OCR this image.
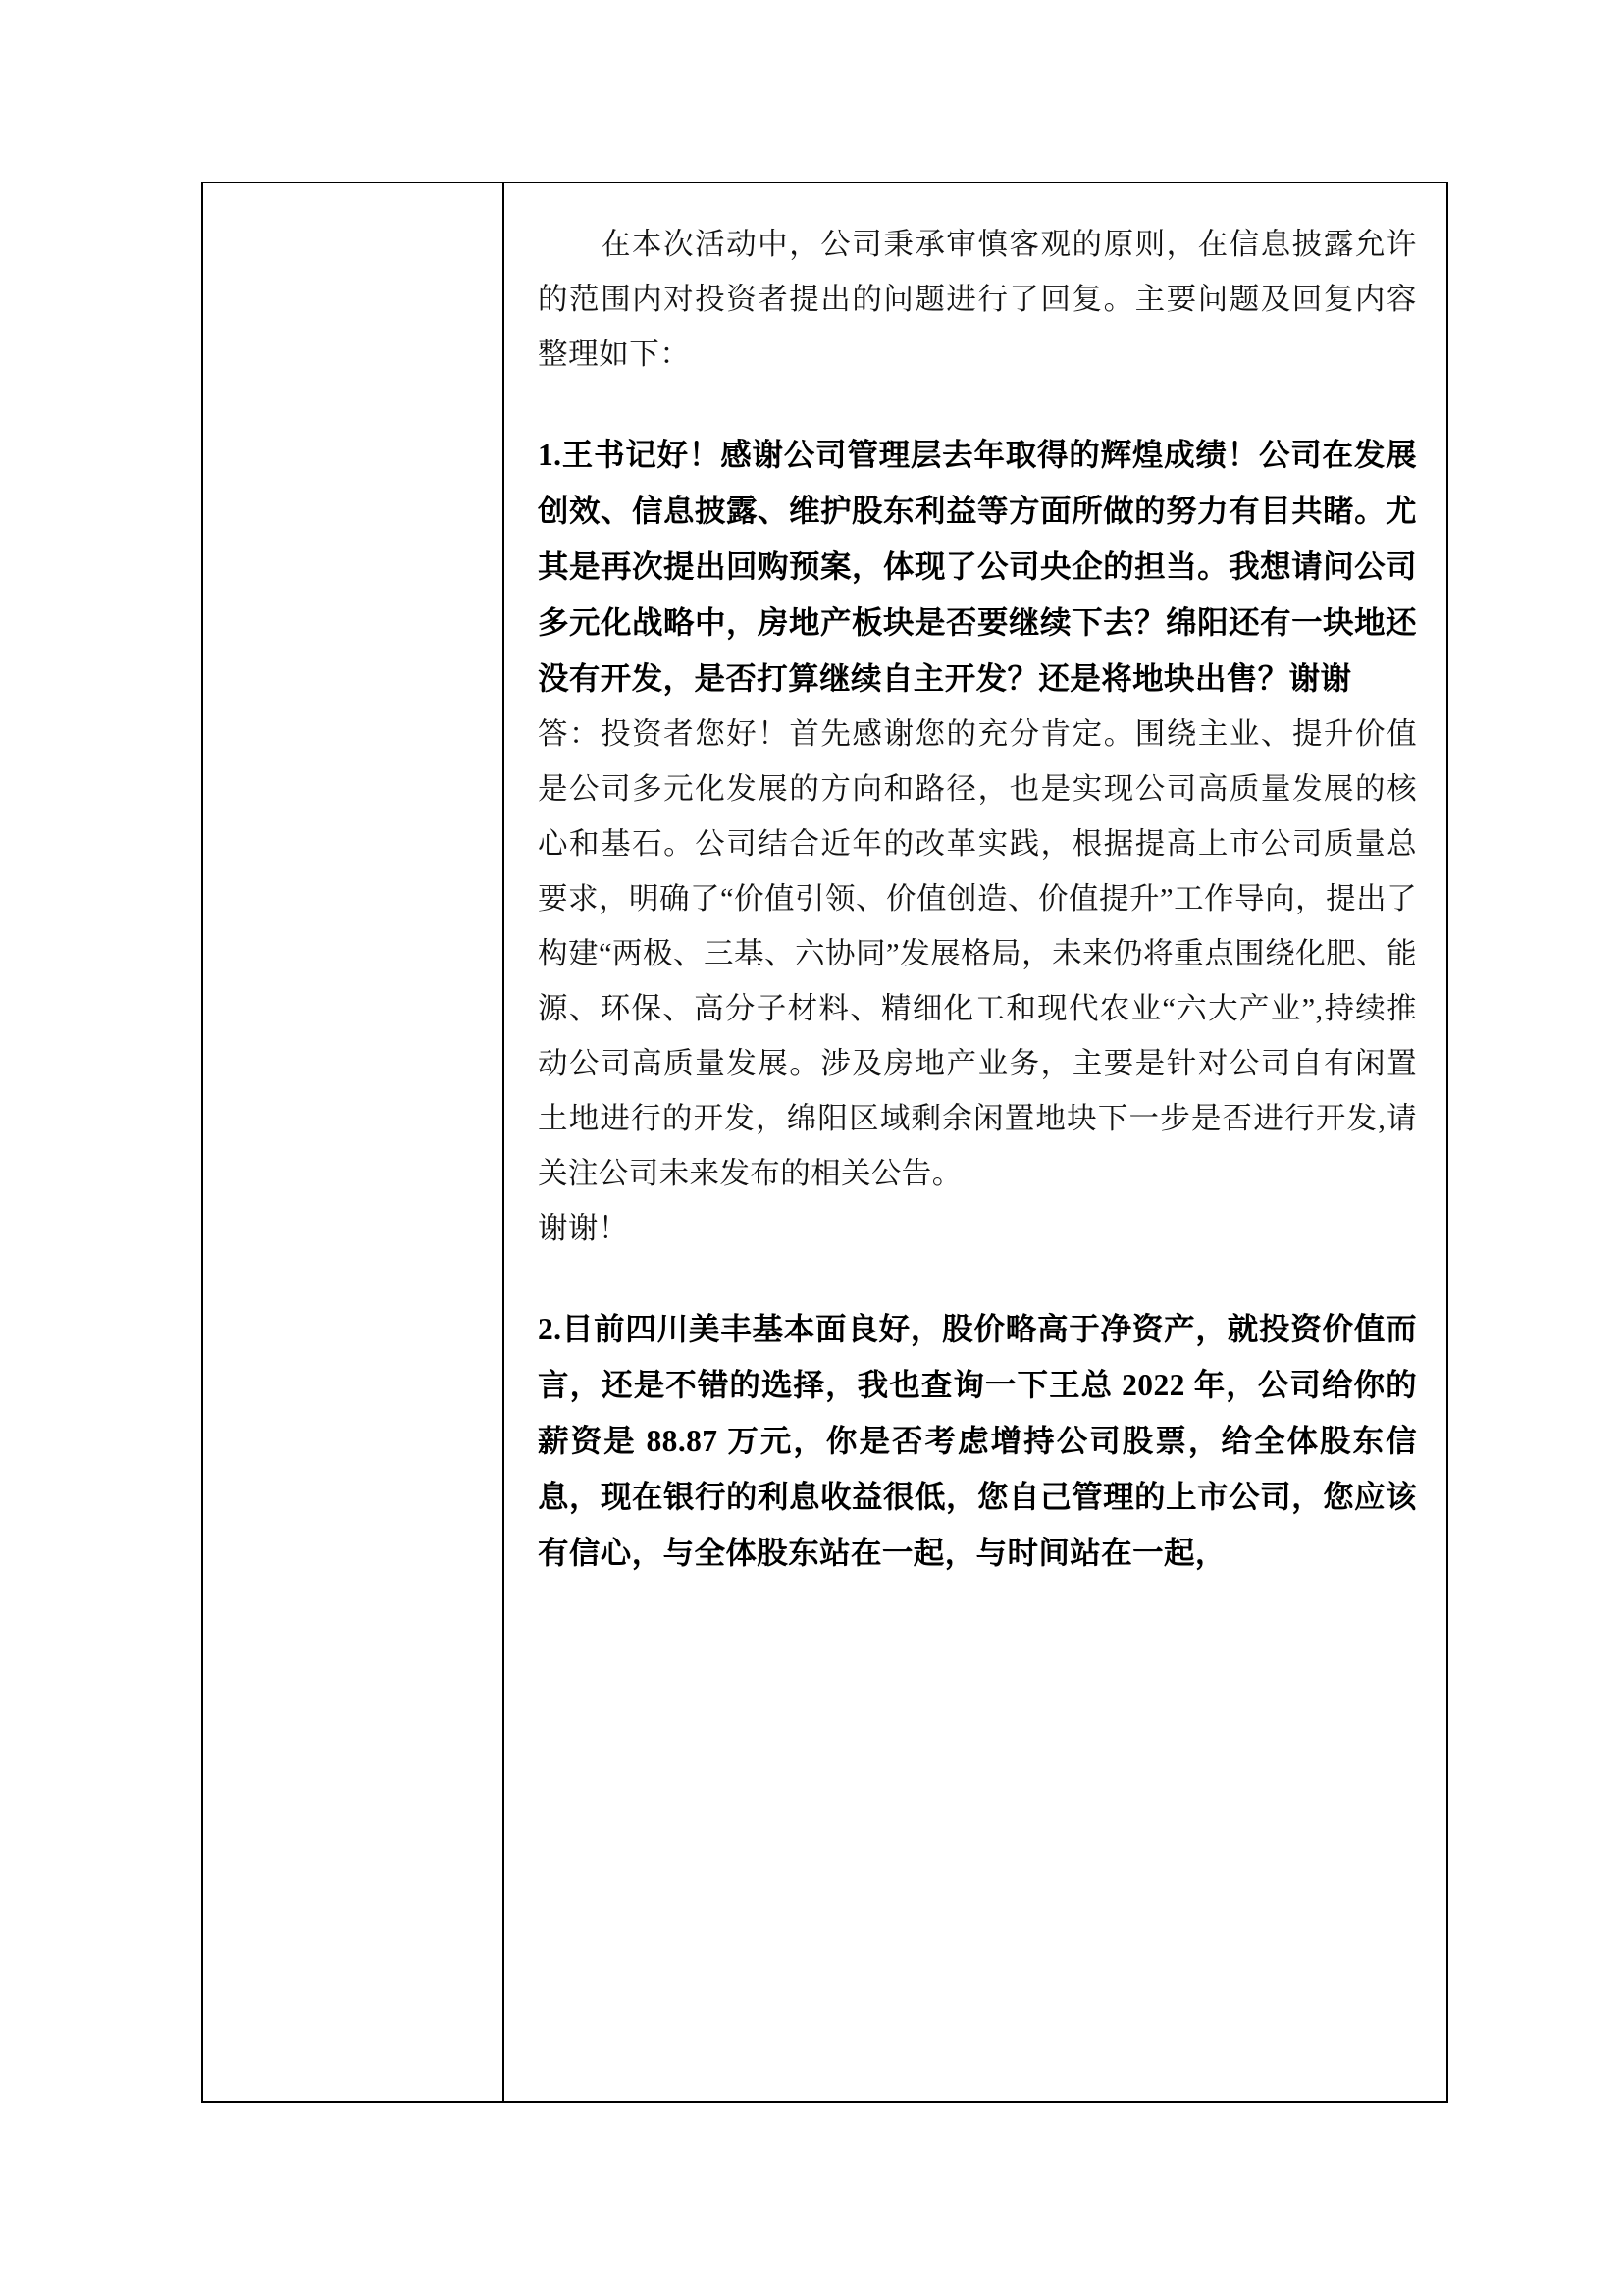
在本次活动中，公司秉承审慎客观的原则，在信息披露允许的范围内对投资者提出的问题进行了回复。主要问题及回复内容整理如下：

1.王书记好！感谢公司管理层去年取得的辉煌成绩！公司在发展创效、信息披露、维护股东利益等方面所做的努力有目共睹。尤其是再次提出回购预案，体现了公司央企的担当。我想请问公司多元化战略中，房地产板块是否要继续下去？绵阳还有一块地还没有开发，是否打算继续自主开发？还是将地块出售？谢谢

答：投资者您好！首先感谢您的充分肯定。围绕主业、提升价值是公司多元化发展的方向和路径，也是实现公司高质量发展的核心和基石。公司结合近年的改革实践，根据提高上市公司质量总要求，明确了“价值引领、价值创造、价值提升”工作导向，提出了构建“两极、三基、六协同”发展格局，未来仍将重点围绕化肥、能源、环保、高分子材料、精细化工和现代农业“六大产业”,持续推动公司高质量发展。涉及房地产业务，主要是针对公司自有闲置土地进行的开发，绵阳区域剩余闲置地块下一步是否进行开发,请关注公司未来发布的相关公告。

谢谢！

2.目前四川美丰基本面良好，股价略高于净资产，就投资价值而言，还是不错的选择，我也查询一下王总 2022 年，公司给你的薪资是 88.87 万元，你是否考虑增持公司股票，给全体股东信息，现在银行的利息收益很低，您自己管理的上市公司，您应该有信心，与全体股东站在一起，与时间站在一起，
